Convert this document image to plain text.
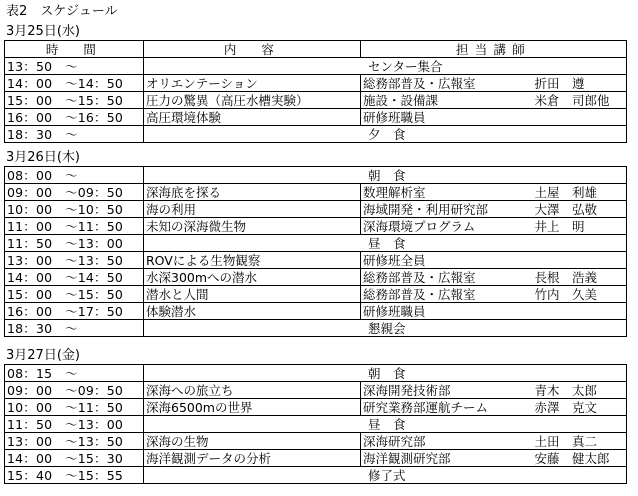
表2　スケジュール
3月25日(水)
時　間	内　容	担当講師	
13：50　～	センター集合		
14：00　～14：50	オリエンテーション	総務部普及・広報室	折田　遵
15：00　～15：50	圧力の驚異（高圧水槽実験）	施設・設備課	米倉　司郎他
16：00　～16：50	高圧環境体験	研修班職員	
18：30　～	夕　食		
3月26日(木)
08：00　～	朝　食		
09：00　～09：50	深海底を探る	数理解析室	土屋　利雄
10：00　～10：50	海の利用	海域開発・利用研究部	大澤　弘敬
11：00　～11：50	未知の深海微生物	深海環境プログラム	井上　明
11：50　～13：00	昼　食		
13：00　～13：50	ROVによる生物観察	研修班全員	
14：00　～14：50	水深300mへの潜水	総務部普及・広報室	長根　浩義
15：00　～15：50	潜水と人間	総務部普及・広報室	竹内　久美
16：00　～17：50	体験潜水	研修班職員	
18：30　～	懇親会		
3月27日(金)
08：15　～	朝　食		
09：00　～09：50	深海への旅立ち	深海開発技術部	青木　太郎
10：00　～11：50	深海6500mの世界	研究業務部運航チーム	赤澤　克文
11：50　～13：00	昼　食		
13：00　～13：50	深海の生物	深海研究部	土田　真二
14：00　～15：30	海洋観測データの分析	海洋観測研究部	安藤　健太郎
15：40　～15：55	修了式		
